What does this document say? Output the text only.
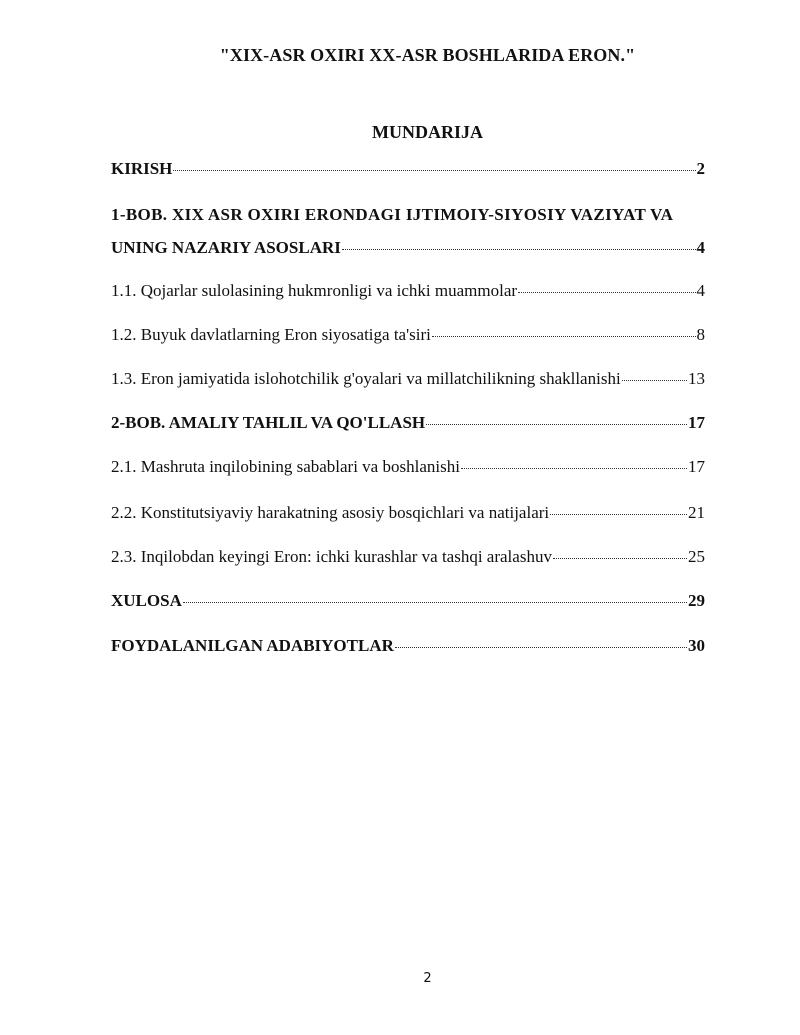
"XIX-ASR OXIRI XX-ASR BOSHLARIDA ERON."
MUNDARIJA
KIRISH	2
1-BOB. XIX ASR OXIRI ERONDAGI IJTIMOIY-SIYOSIY VAZIYAT VA
UNING NAZARIY ASOSLARI	4
1.1. Qojarlar sulolasining hukmronligi va ichki muammolar	4
1.2. Buyuk davlatlarning Eron siyosatiga ta'siri	8
1.3. Eron jamiyatida islohotchilik g'oyalari va millatchilikning shakllanishi	13
2-BOB. AMALIY TAHLIL VA QO'LLASH	17
2.1. Mashruta inqilobining sabablari va boshlanishi	17
2.2. Konstitutsiyaviy harakatning asosiy bosqichlari va natijalari	21
2.3. Inqilobdan keyingi Eron: ichki kurashlar va tashqi aralashuv	25
XULOSA	29
FOYDALANILGAN ADABIYOTLAR	30
2
